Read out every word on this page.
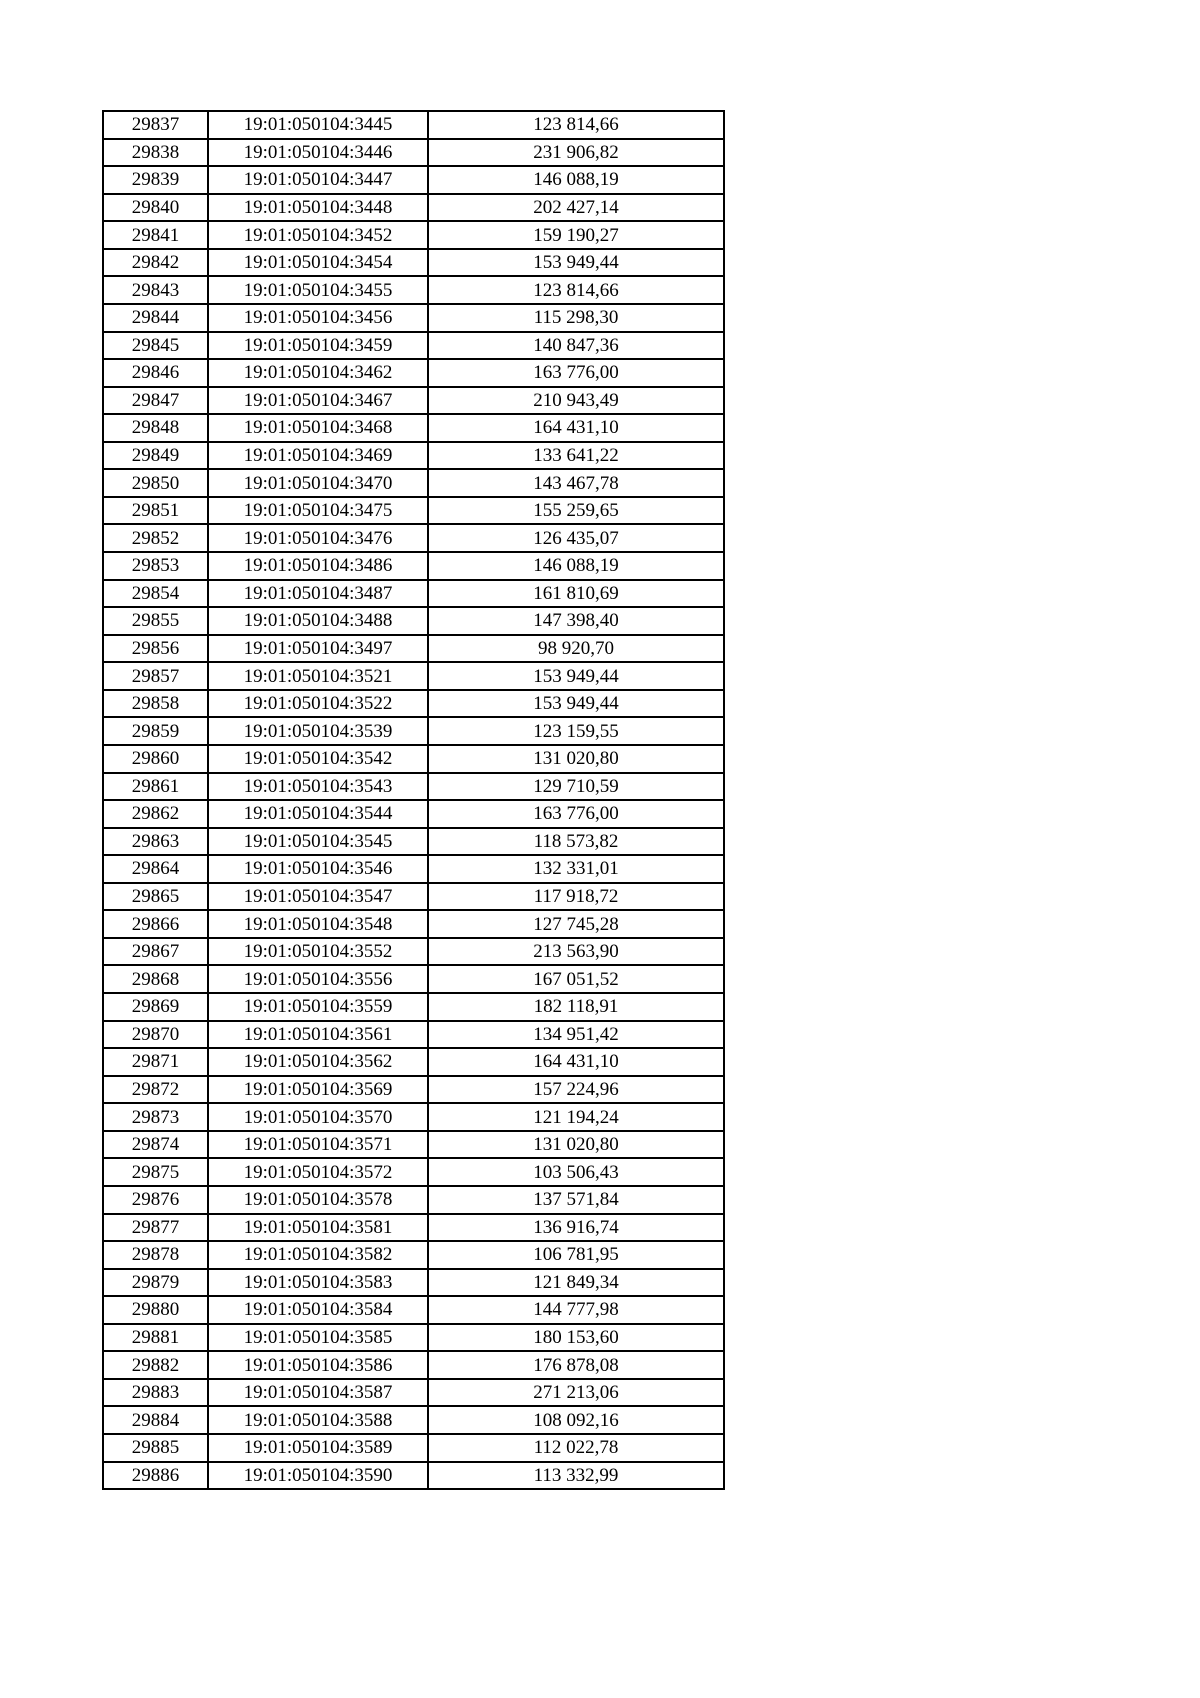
29837	19:01:050104:3445	123 814,66
29838	19:01:050104:3446	231 906,82
29839	19:01:050104:3447	146 088,19
29840	19:01:050104:3448	202 427,14
29841	19:01:050104:3452	159 190,27
29842	19:01:050104:3454	153 949,44
29843	19:01:050104:3455	123 814,66
29844	19:01:050104:3456	115 298,30
29845	19:01:050104:3459	140 847,36
29846	19:01:050104:3462	163 776,00
29847	19:01:050104:3467	210 943,49
29848	19:01:050104:3468	164 431,10
29849	19:01:050104:3469	133 641,22
29850	19:01:050104:3470	143 467,78
29851	19:01:050104:3475	155 259,65
29852	19:01:050104:3476	126 435,07
29853	19:01:050104:3486	146 088,19
29854	19:01:050104:3487	161 810,69
29855	19:01:050104:3488	147 398,40
29856	19:01:050104:3497	98 920,70
29857	19:01:050104:3521	153 949,44
29858	19:01:050104:3522	153 949,44
29859	19:01:050104:3539	123 159,55
29860	19:01:050104:3542	131 020,80
29861	19:01:050104:3543	129 710,59
29862	19:01:050104:3544	163 776,00
29863	19:01:050104:3545	118 573,82
29864	19:01:050104:3546	132 331,01
29865	19:01:050104:3547	117 918,72
29866	19:01:050104:3548	127 745,28
29867	19:01:050104:3552	213 563,90
29868	19:01:050104:3556	167 051,52
29869	19:01:050104:3559	182 118,91
29870	19:01:050104:3561	134 951,42
29871	19:01:050104:3562	164 431,10
29872	19:01:050104:3569	157 224,96
29873	19:01:050104:3570	121 194,24
29874	19:01:050104:3571	131 020,80
29875	19:01:050104:3572	103 506,43
29876	19:01:050104:3578	137 571,84
29877	19:01:050104:3581	136 916,74
29878	19:01:050104:3582	106 781,95
29879	19:01:050104:3583	121 849,34
29880	19:01:050104:3584	144 777,98
29881	19:01:050104:3585	180 153,60
29882	19:01:050104:3586	176 878,08
29883	19:01:050104:3587	271 213,06
29884	19:01:050104:3588	108 092,16
29885	19:01:050104:3589	112 022,78
29886	19:01:050104:3590	113 332,99
